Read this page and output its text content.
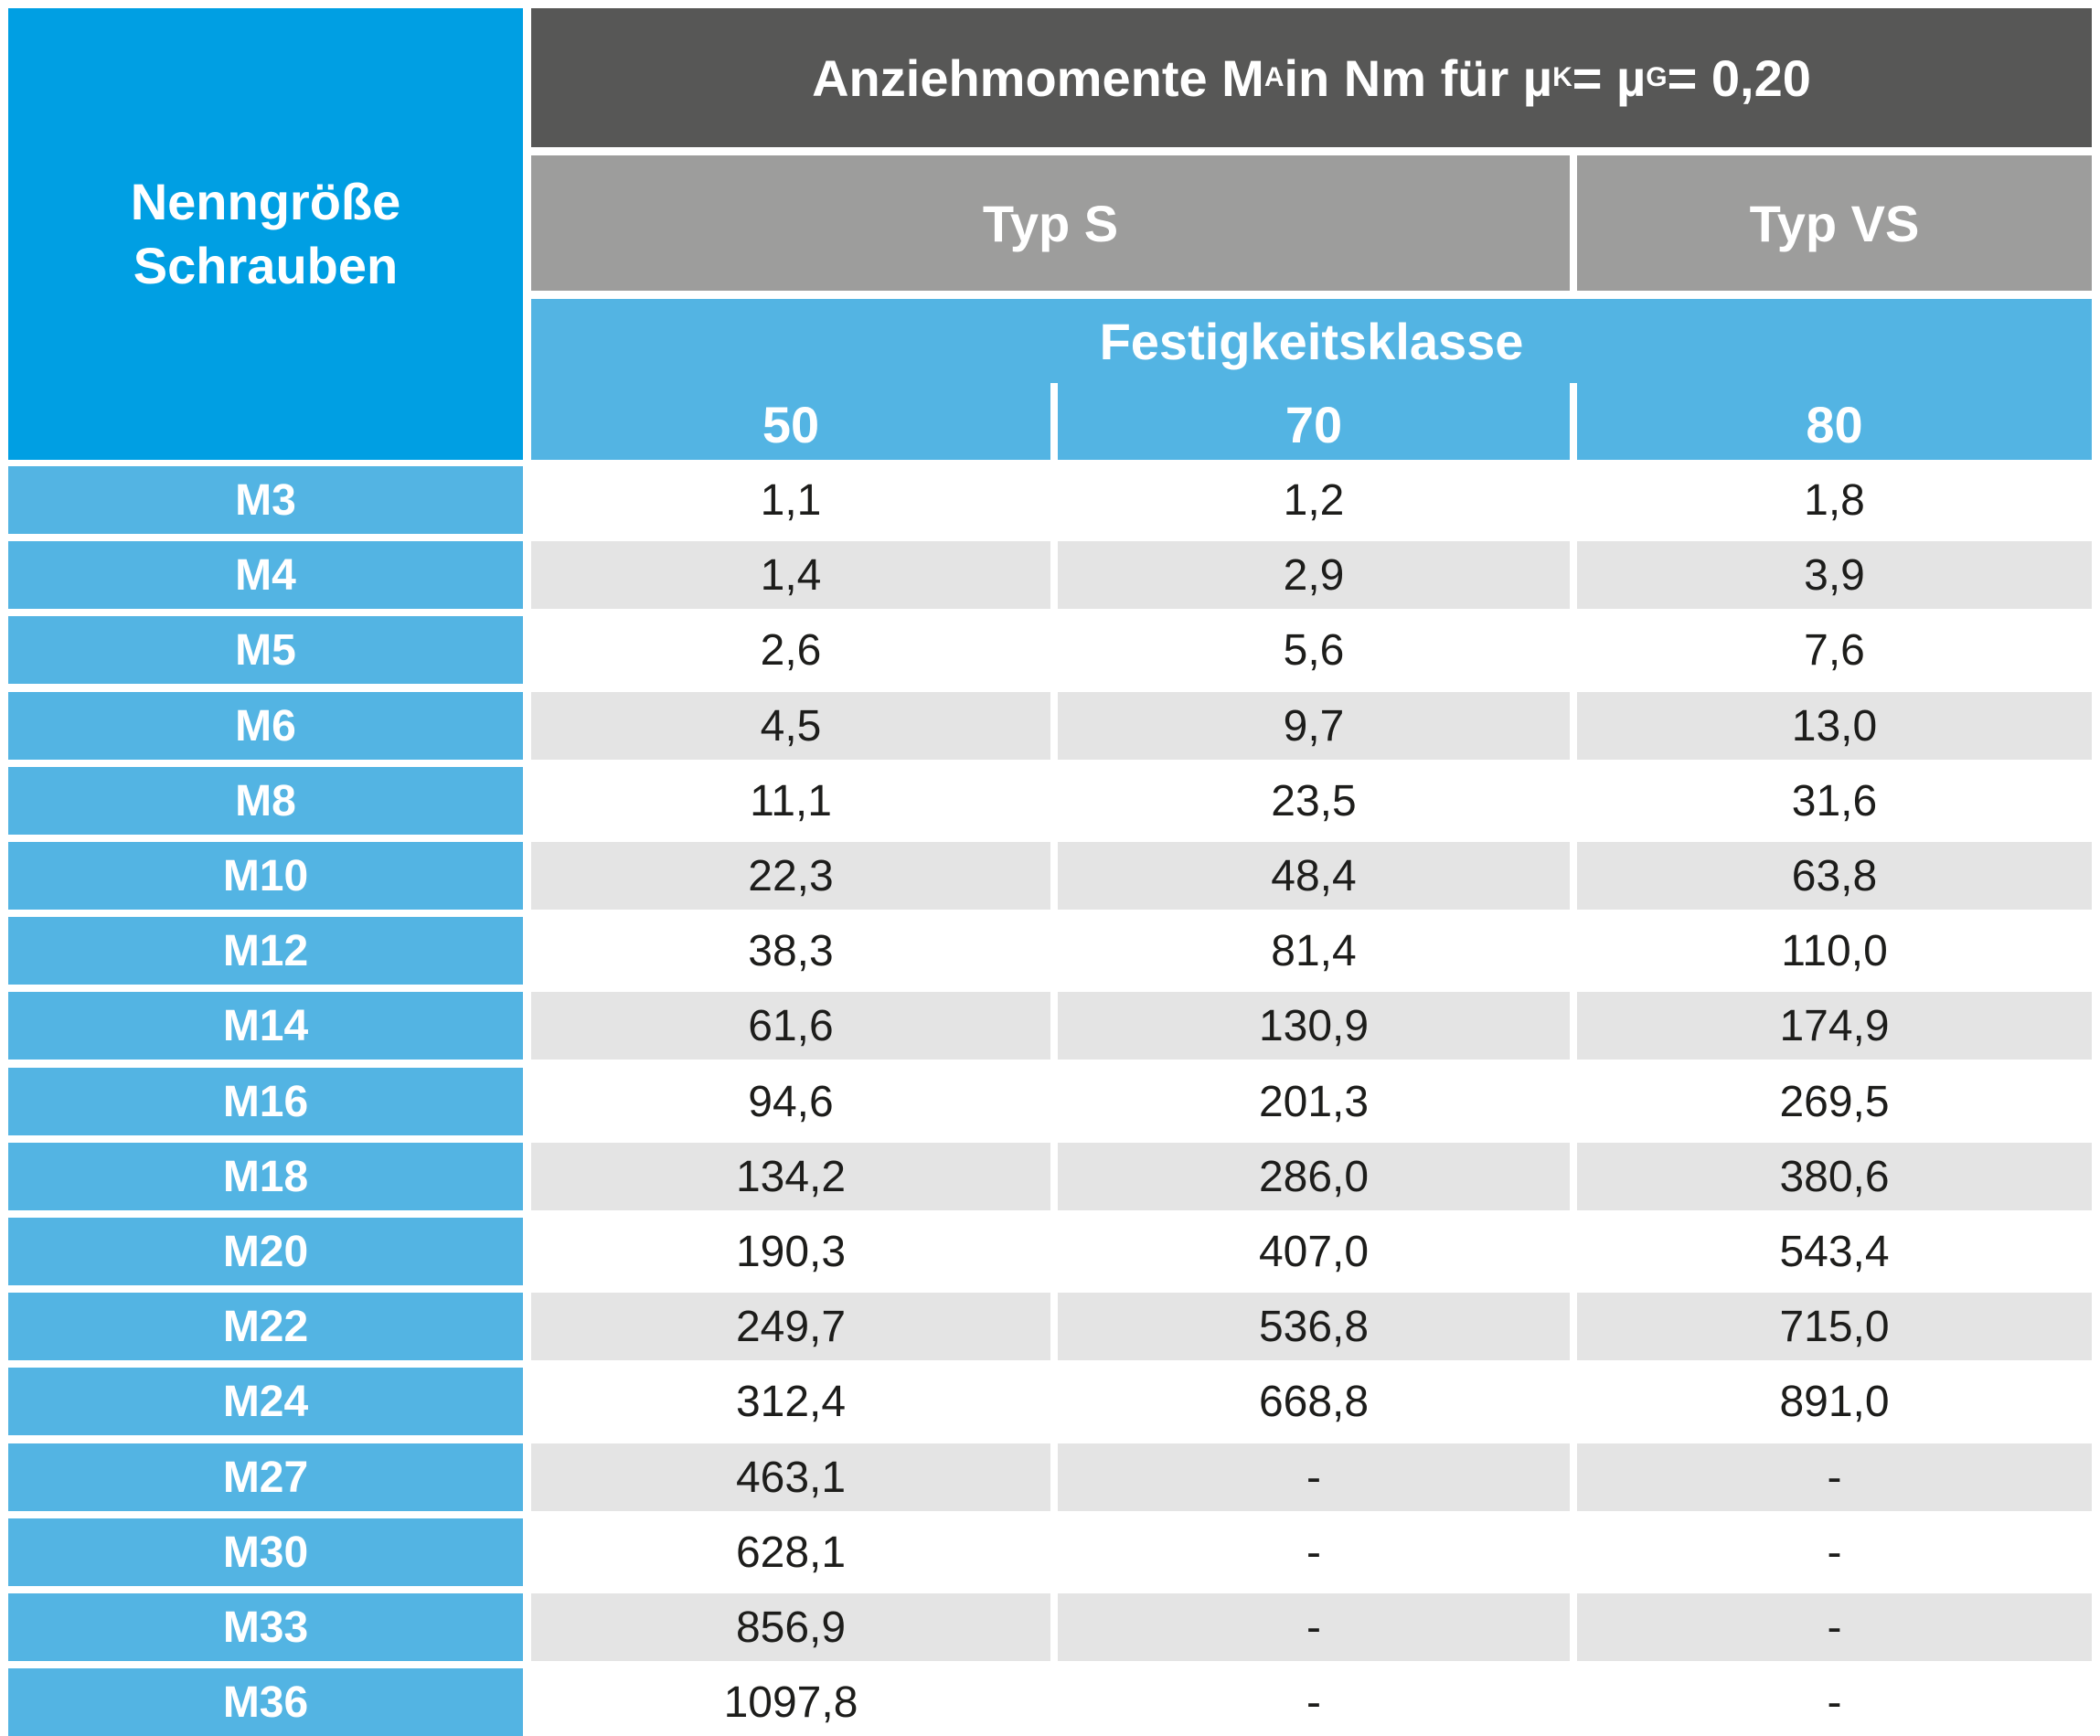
Nenngröße
Schrauben
Anziehmomente M A in Nm für µ K = µ G = 0,20
Typ S	Typ VS
Festigkeitsklasse
50	70	80
M3	1,1	1,2	1,8
M4	1,4	2,9	3,9
M5	2,6	5,6	7,6
M6	4,5	9,7	13,0
M8	11,1	23,5	31,6
M10	22,3	48,4	63,8
M12	38,3	81,4	110,0
M14	61,6	130,9	174,9
M16	94,6	201,3	269,5
M18	134,2	286,0	380,6
M20	190,3	407,0	543,4
M22	249,7	536,8	715,0
M24	312,4	668,8	891,0
M27	463,1	-	-
M30	628,1	-	-
M33	856,9	-	-
M36	1097,8	-	-
